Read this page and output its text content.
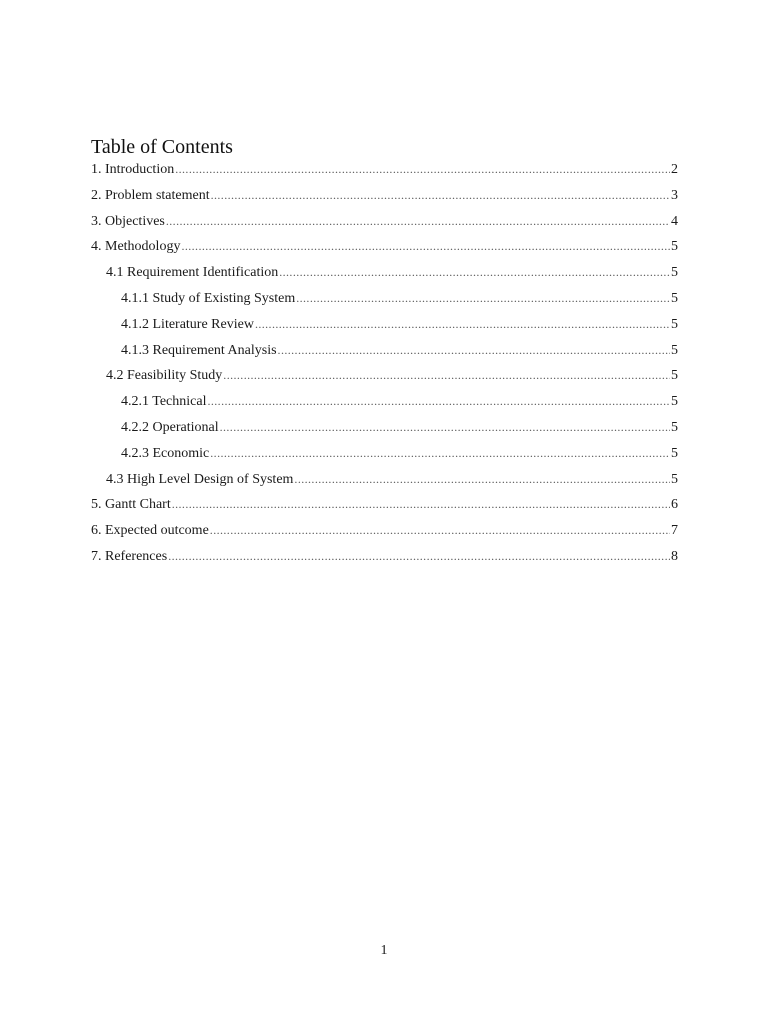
Table of Contents
1. Introduction .....	2
2. Problem statement .....	3
3. Objectives .....	4
4. Methodology .....	5
4.1 Requirement Identification .....	5
4.1.1 Study of Existing System .....	5
4.1.2 Literature Review .....	5
4.1.3 Requirement Analysis .....	5
4.2 Feasibility Study .....	5
4.2.1 Technical .....	5
4.2.2 Operational .....	5
4.2.3 Economic .....	5
4.3 High Level Design of System .....	5
5. Gantt Chart .....	6
6. Expected outcome .....	7
7. References .....	8
1
